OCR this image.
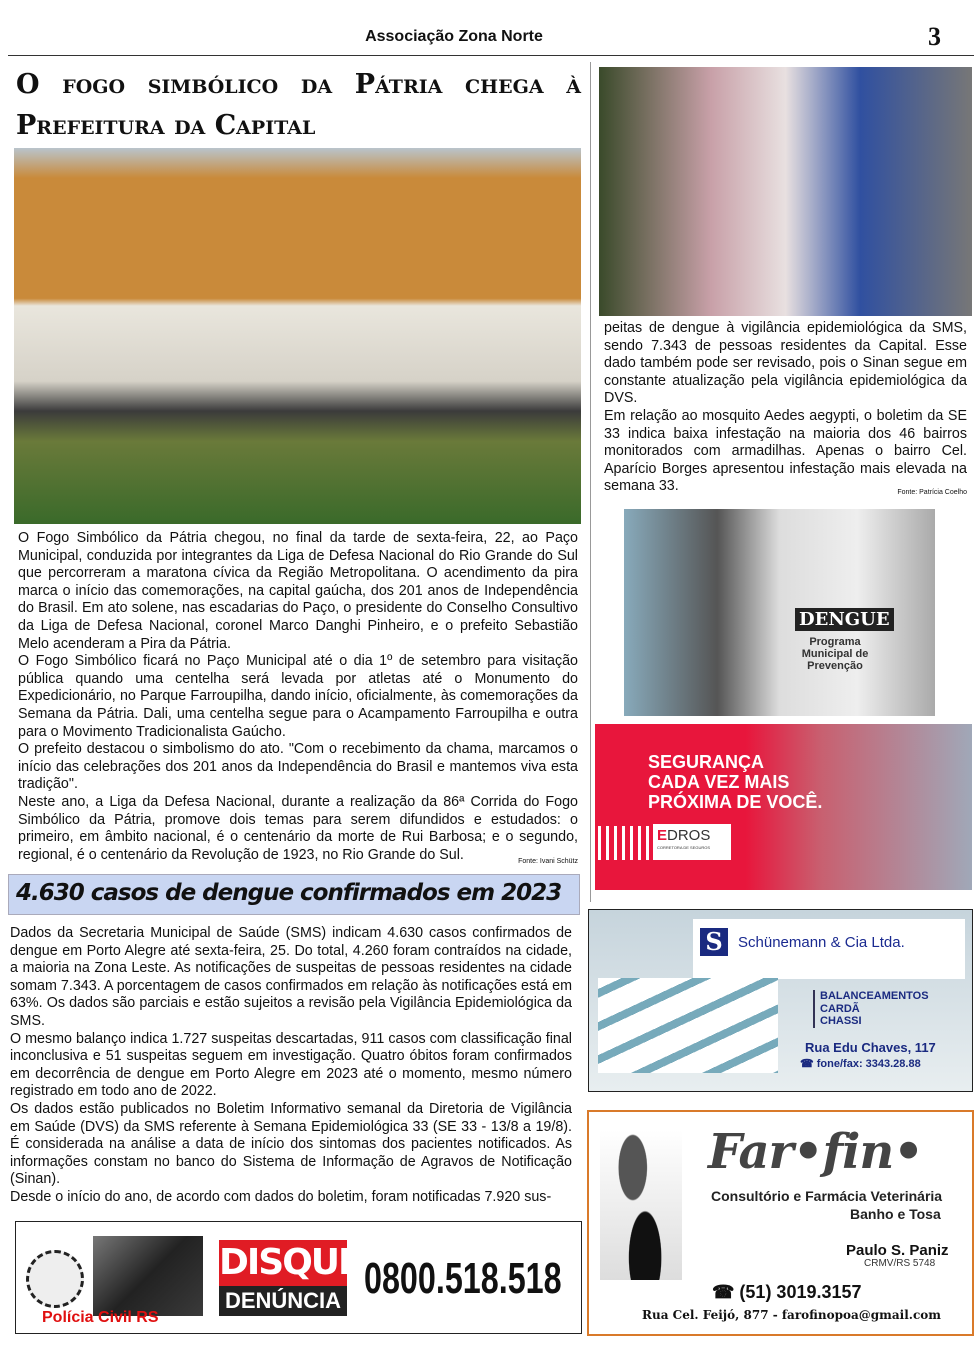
Associação Zona Norte	3
O fogo simbólico da Pátria chega à
Prefeitura da Capital
O Fogo Simbólico da Pátria chegou, no final da tarde de sexta-feira, 22, ao Paço Municipal, conduzida por integrantes da Liga de Defesa Nacional do Rio Grande do Sul que percorreram a maratona cívica da Região Metropolitana. O acendimento da pira marca o início das comemorações, na capital gaúcha, dos 201 anos de Independência do Brasil. Em ato solene, nas escadarias do Paço, o presidente do Conselho Consultivo da Liga de Defesa Nacional, coronel Marco Danghi Pinheiro, e o prefeito Sebastião Melo acenderam a Pira da Pátria.
O Fogo Simbólico ficará no Paço Municipal até o dia 1º de setembro para visitação pública quando uma centelha será levada por atletas até o Monumento do Expedicionário, no Parque Farroupilha, dando início, oficialmente, às comemorações da Semana da Pátria. Dali, uma centelha segue para o Acampamento Farroupilha e outra para o Movimento Tradicionalista Gaúcho.
O prefeito destacou o simbolismo do ato. "Com o recebimento da chama, marcamos o início das celebrações dos 201 anos da Independência do Brasil e mantemos viva esta tradição".
Neste ano, a Liga da Defesa Nacional, durante a realização da 86ª Corrida do Fogo Simbólico da Pátria, promove dois temas para serem difundidos e estudados: o primeiro, em âmbito nacional, é o centenário da morte de Rui Barbosa; e o segundo, regional, é o centenário da Revolução de 1923, no Rio Grande do Sul.	Fonte: Ivani Schütz
4.630 casos de dengue confirmados em 2023
Dados da Secretaria Municipal de Saúde (SMS) indicam 4.630 casos confirmados de dengue em Porto Alegre até sexta-feira, 25. Do total, 4.260 foram contraídos na cidade, a maioria na Zona Leste. As notificações de suspeitas de pessoas residentes na cidade somam 7.343. A porcentagem de casos confirmados em relação às notificações está em 63%. Os dados são parciais e estão sujeitos a revisão pela Vigilância Epidemiológica da SMS.
O mesmo balanço indica 1.727 suspeitas descartadas, 911 casos com classificação final inconclusiva e 51 suspeitas seguem em investigação. Quatro óbitos foram confirmados em decorrência de dengue em Porto Alegre em 2023 até o momento, mesmo número registrado em todo ano de 2022.
Os dados estão publicados no Boletim Informativo semanal da Diretoria de Vigilância em Saúde (DVS) da SMS referente à Semana Epidemiológica 33 (SE 33 - 13/8 a 19/8). É considerada na análise a data de início dos sintomas dos pacientes notificados. As informações constam no banco do Sistema de Informação de Agravos de Notificação (Sinan).
Desde o início do ano, de acordo com dados do boletim, foram notificadas 7.920 sus-
Polícia Civil RS
DISQUE
DENÚNCIA 0800.518.518
peitas de dengue à vigilância epidemiológica da SMS, sendo 7.343 de pessoas residentes da Capital. Esse dado também pode ser revisado, pois o Sinan segue em constante atualização pela vigilância epidemiológica da DVS.
Em relação ao mosquito Aedes aegypti, o boletim da SE 33 indica baixa infestação na maioria dos 46 bairros monitorados com armadilhas. Apenas o bairro Cel. Aparício Borges apresentou infestação mais elevada na semana 33.	Fonte: Patrícia Coelho
DENGUE
Programa Municipal de Prevenção
SEGURANÇA
CADA VEZ MAIS
PRÓXIMA DE VOCÊ.
EDROS
CORRETORA DE SEGUROS
S	Schünemann & Cia Ltda.
BALANCEAMENTOS
CARDÃ
CHASSI
Rua Edu Chaves, 117
☎ fone/fax: 3343.28.88
Far•fin•
Consultório e Farmácia Veterinária
Banho e Tosa
Paulo S. Paniz
CRMV/RS 5748
☎ (51) 3019.3157
Rua Cel. Feijó, 877 - farofinopoa@gmail.com
